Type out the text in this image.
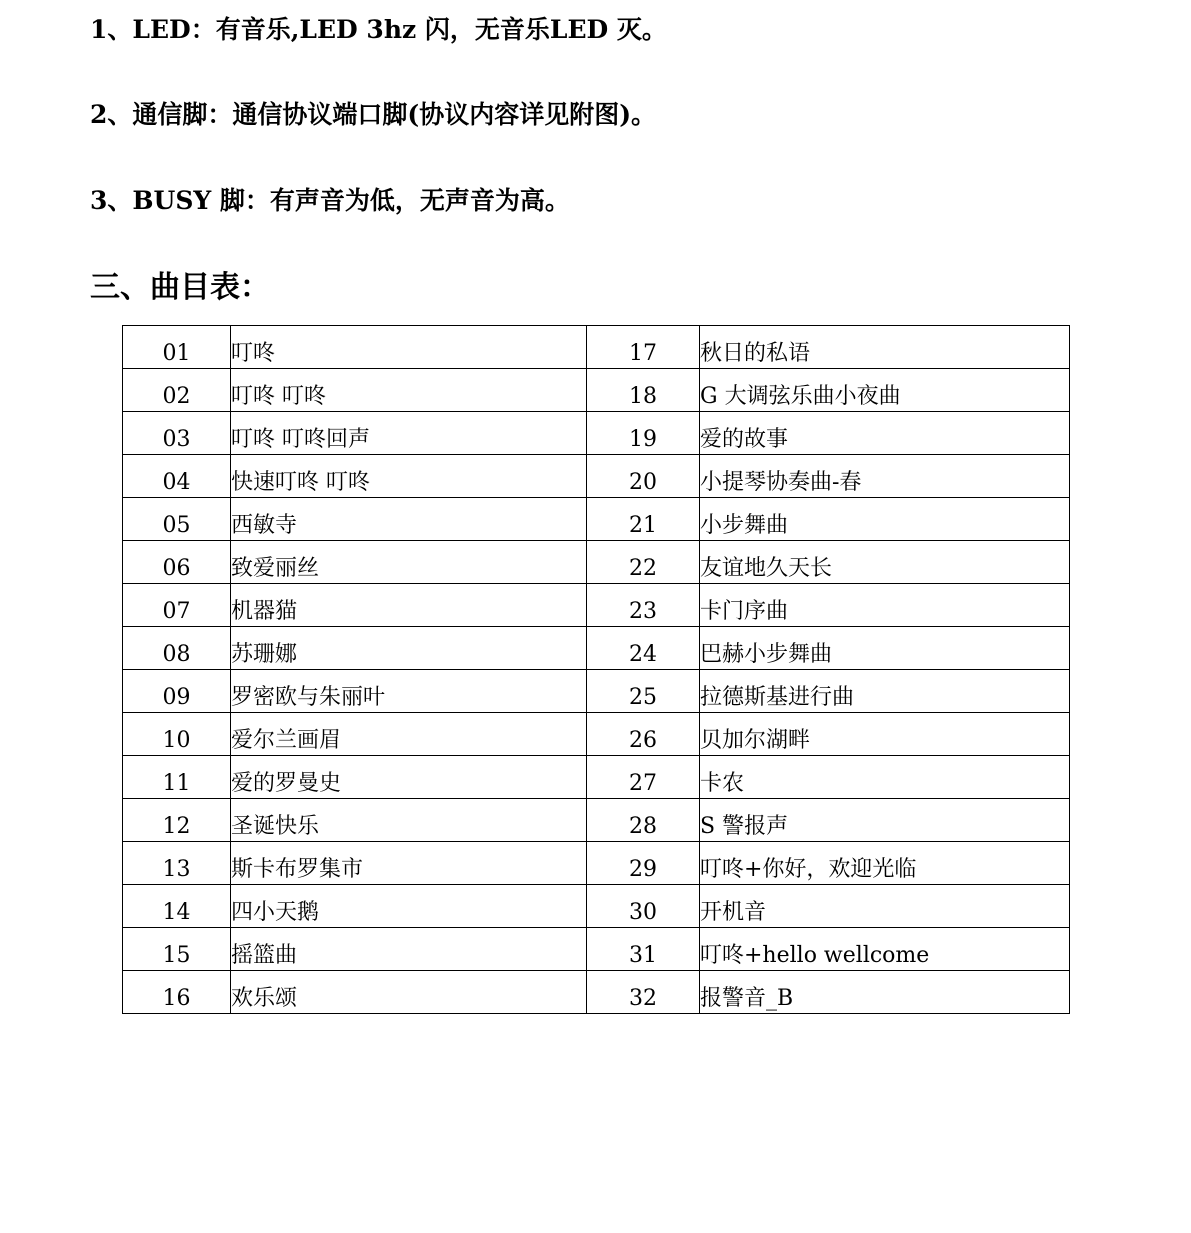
1、LED：有音乐,LED 3hz 闪，无音乐LED 灭。

2、通信脚：通信协议端口脚(协议内容详见附图)。

3、BUSY 脚：有声音为低，无声音为高。

三、曲目表：
01	叮咚	17	秋日的私语
02	叮咚 叮咚	18	G 大调弦乐曲小夜曲
03	叮咚 叮咚回声	19	爱的故事
04	快速叮咚 叮咚	20	小提琴协奏曲-春
05	西敏寺	21	小步舞曲
06	致爱丽丝	22	友谊地久天长
07	机器猫	23	卡门序曲
08	苏珊娜	24	巴赫小步舞曲
09	罗密欧与朱丽叶	25	拉德斯基进行曲
10	爱尔兰画眉	26	贝加尔湖畔
11	爱的罗曼史	27	卡农
12	圣诞快乐	28	S 警报声
13	斯卡布罗集市	29	叮咚+你好，欢迎光临
14	四小天鹅	30	开机音
15	摇篮曲	31	叮咚+hello wellcome
16	欢乐颂	32	报警音_B
